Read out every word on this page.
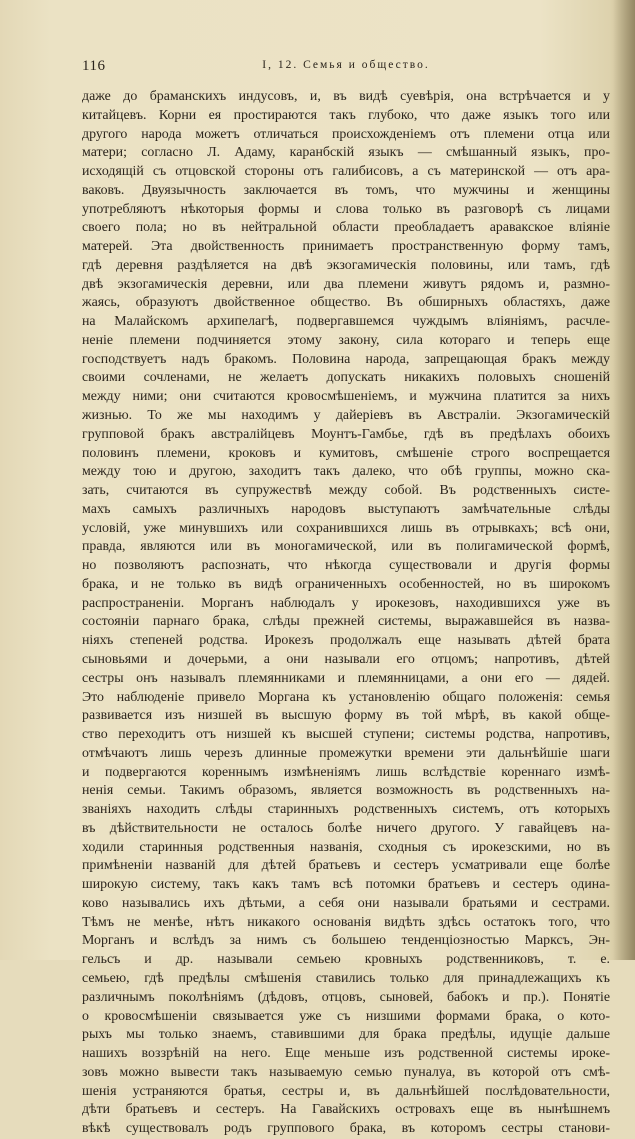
116	I, 12. Семья и общество.
даже до браманскихъ индусовъ, и, въ видѣ суевѣрія, она встрѣчается и у
китайцевъ. Корни ея простираются такъ глубоко, что даже языкъ того или
другого народа можетъ отличаться происхожденіемъ отъ племени отца или
матери; согласно Л. Адаму, карaнбскій языкъ — смѣшанный языкъ, про-
исходящій съ отцовской стороны отъ галибисовъ, а съ материнской — отъ ара-
ваковъ. Двуязычность заключается въ томъ, что мужчины и женщины
употребляютъ нѣкоторыя формы и слова только въ разговорѣ съ лицами
своего пола; но въ нейтральной области преобладаетъ аравакское вліяніе
матерей. Эта двойственность принимаетъ пространственную форму тамъ,
гдѣ деревня раздѣляется на двѣ экзогамическія половины, или тамъ, гдѣ
двѣ экзогамическія деревни, или два племени живутъ рядомъ и, размно-
жаясь, образуютъ двойственное общество. Въ обширныхъ областяхъ, даже
на Малайскомъ архипелагѣ, подвергавшемся чуждымъ вліяніямъ, расчле-
неніе племени подчиняется этому закону, сила котораго и теперь еще
господствуетъ надъ бракомъ. Половина народа, запрещающая бракъ между
своими сочленами, не желаетъ допускать никакихъ половыхъ сношеній
между ними; они считаются кровосмѣшеніемъ, и мужчина платится за нихъ
жизнью. То же мы находимъ у дайеріевъ въ Австраліи. Экзогамическій
групповой бракъ австралійцевъ Моунтъ-Гамбье, гдѣ въ предѣлахъ обоихъ
половинъ племени, кроковъ и кумитовъ, смѣшеніе строго воспрещается
между тою и другою, заходитъ такъ далеко, что обѣ группы, можно ска-
зать, считаются въ супружествѣ между собой. Въ родственныхъ систе-
махъ самыхъ различныхъ народовъ выступаютъ замѣчательные слѣды
условій, уже минувшихъ или сохранившихся лишь въ отрывкахъ; всѣ они,
правда, являются или въ моногамической, или въ полигамической формѣ,
но позволяютъ распознать, что нѣкогда существовали и другія формы
брака, и не только въ видѣ ограниченныхъ особенностей, но въ широкомъ
распространеніи. Морганъ наблюдалъ у ирокезовъ, находившихся уже въ
состояніи парнаго брака, слѣды прежней системы, выражавшейся въ назва-
ніяхъ степеней родства. Ирокезъ продолжалъ еще называть дѣтей брата
сыновьями и дочерьми, а они называли его отцомъ; напротивъ, дѣтей
сестры онъ называлъ племянниками и племянницами, а они его — дядей.
Это наблюденіе привело Моргана къ установленію общаго положенія: семья
развивается изъ низшей въ высшую форму въ той мѣрѣ, въ какой обще-
ство переходитъ отъ низшей къ высшей ступени; системы родства, напротивъ,
отмѣчаютъ лишь черезъ длинные промежутки времени эти дальнѣйшіе шаги
и подвергаются кореннымъ измѣненіямъ лишь вслѣдствіе кореннаго измѣ-
ненія семьи. Такимъ образомъ, является возможность въ родственныхъ на-
званіяхъ находить слѣды старинныхъ родственныхъ системъ, отъ которыхъ
въ дѣйствительности не осталось болѣе ничего другого. У гавайцевъ на-
ходили старинныя родственныя названія, сходныя съ ирокезскими, но въ
примѣненіи названій для дѣтей братьевъ и сестеръ усматривали еще болѣе
широкую систему, такъ какъ тамъ всѣ потомки братьевъ и сестеръ одина-
ково назывались ихъ дѣтьми, а себя они называли братьями и сестрами.
Тѣмъ не менѣе, нѣтъ никакого основанія видѣть здѣсь остатокъ того, что
Морганъ и вслѣдъ за нимъ съ большею тенденціозностью Марксъ, Эн-
гельсъ и др. называли семьею кровныхъ родственниковъ, т. е.
семьею, гдѣ предѣлы смѣшенія ставились только для принадлежащихъ къ
различнымъ поколѣніямъ (дѣдовъ, отцовъ, сыновей, бабокъ и пр.). Понятіе
о кровосмѣшеніи связывается уже съ низшими формами брака, о кото-
рыхъ мы только знаемъ, ставившими для брака предѣлы, идущіе дальше
нашихъ воззрѣній на него. Еще меньше изъ родственной системы ироке-
зовъ можно вывести такъ называемую семью пуналуа, въ которой отъ смѣ-
шенія устраняются братья, сестры и, въ дальнѣйшей послѣдовательности,
дѣти братьевъ и сестеръ. На Гавайскихъ островахъ еще въ нынѣшнемъ
вѣкѣ существовалъ родъ группового брака, въ которомъ сестры станови-
